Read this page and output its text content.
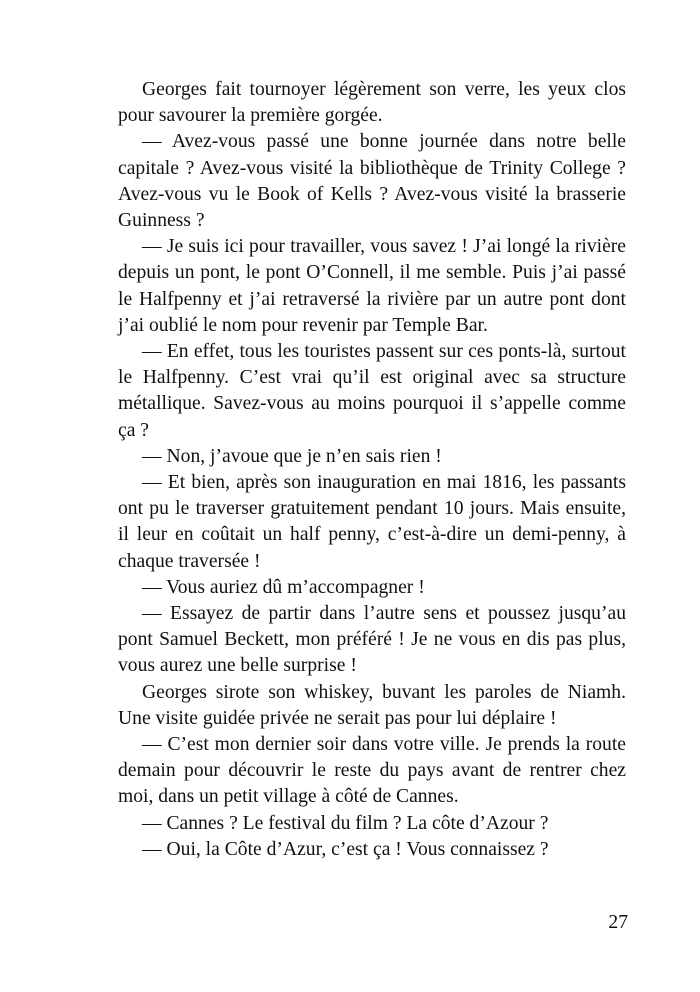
Georges fait tournoyer légèrement son verre, les yeux clos pour savourer la première gorgée.

— Avez-vous passé une bonne journée dans notre belle capitale ? Avez-vous visité la bibliothèque de Trinity College ? Avez-vous vu le Book of Kells ? Avez-vous visité la brasserie Guinness ?

— Je suis ici pour travailler, vous savez ! J’ai longé la rivière depuis un pont, le pont O’Connell, il me semble. Puis j’ai passé le Halfpenny et j’ai retraversé la rivière par un autre pont dont j’ai oublié le nom pour revenir par Temple Bar.

— En effet, tous les touristes passent sur ces ponts-là, surtout le Halfpenny. C’est vrai qu’il est original avec sa structure métallique. Savez-vous au moins pourquoi il s’appelle comme ça ?

— Non, j’avoue que je n’en sais rien !

— Et bien, après son inauguration en mai 1816, les passants ont pu le traverser gratuitement pendant 10 jours. Mais ensuite, il leur en coûtait un half penny, c’est-à-dire un demi-penny, à chaque traversée !

— Vous auriez dû m’accompagner !

— Essayez de partir dans l’autre sens et poussez jusqu’au pont Samuel Beckett, mon préféré ! Je ne vous en dis pas plus, vous aurez une belle surprise !

Georges sirote son whiskey, buvant les paroles de Niamh. Une visite guidée privée ne serait pas pour lui déplaire !

— C’est mon dernier soir dans votre ville. Je prends la route demain pour découvrir le reste du pays avant de rentrer chez moi, dans un petit village à côté de Cannes.

— Cannes ? Le festival du film ? La côte d’Azour ?

— Oui, la Côte d’Azur, c’est ça ! Vous connaissez ?

27
